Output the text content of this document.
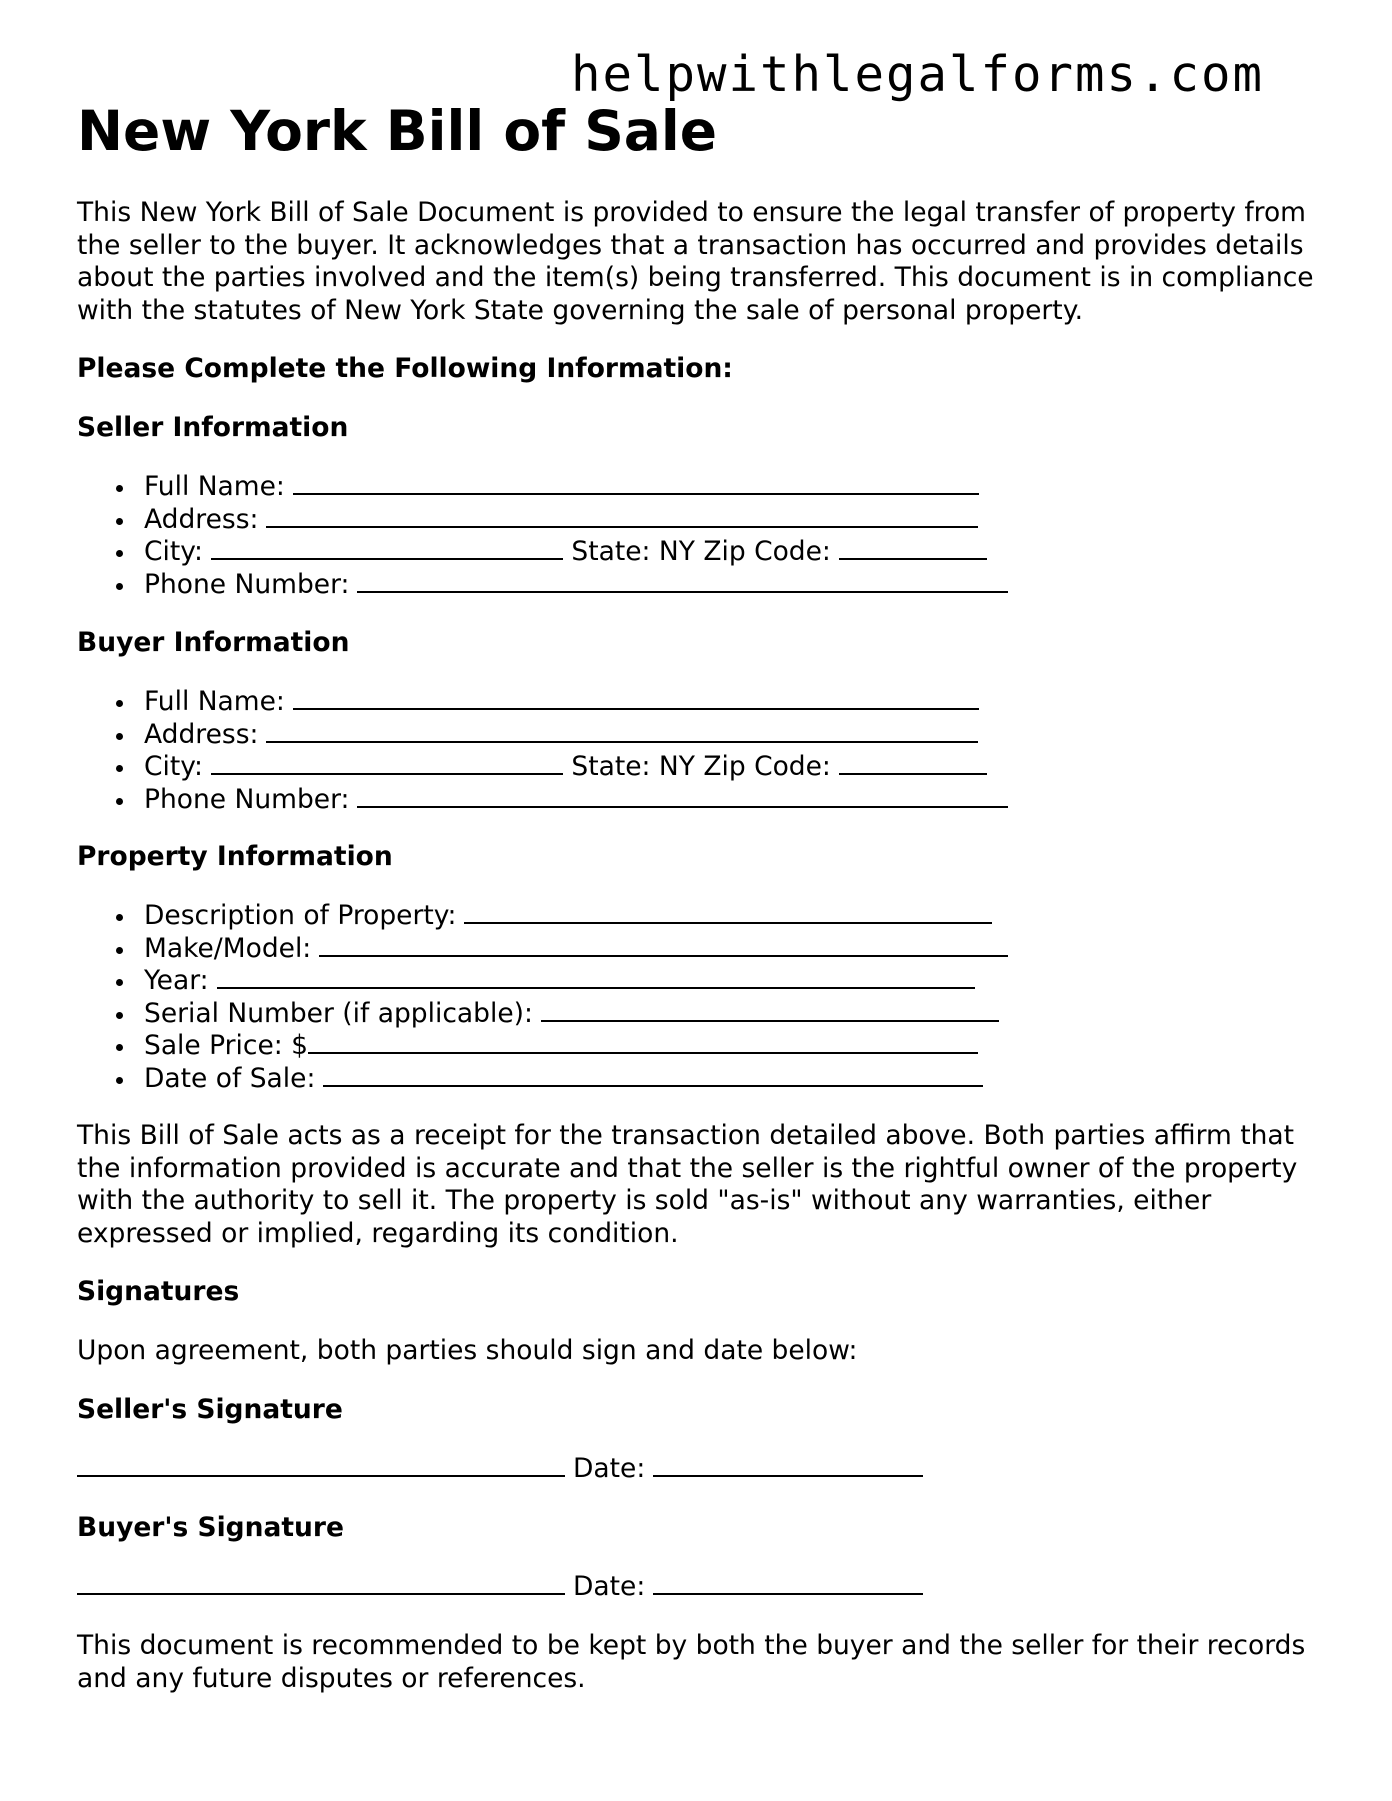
helpwithlegalforms.com
New York Bill of Sale

This New York Bill of Sale Document is provided to ensure the legal transfer of property from the seller to the buyer. It acknowledges that a transaction has occurred and provides details about the parties involved and the item(s) being transferred. This document is in compliance with the statutes of New York State governing the sale of personal property.

Please Complete the Following Information:

Seller Information

Full Name:
Address:
City:	State: NY Zip Code:
Phone Number:

Buyer Information

Full Name:
Address:
City:	State: NY Zip Code:
Phone Number:

Property Information

Description of Property:
Make/Model:
Year:
Serial Number (if applicable):
Sale Price: $
Date of Sale:

This Bill of Sale acts as a receipt for the transaction detailed above. Both parties affirm that the information provided is accurate and that the seller is the rightful owner of the property with the authority to sell it. The property is sold "as-is" without any warranties, either expressed or implied, regarding its condition.

Signatures

Upon agreement, both parties should sign and date below:

Seller's Signature

Date:

Buyer's Signature

Date:

This document is recommended to be kept by both the buyer and the seller for their records and any future disputes or references.
